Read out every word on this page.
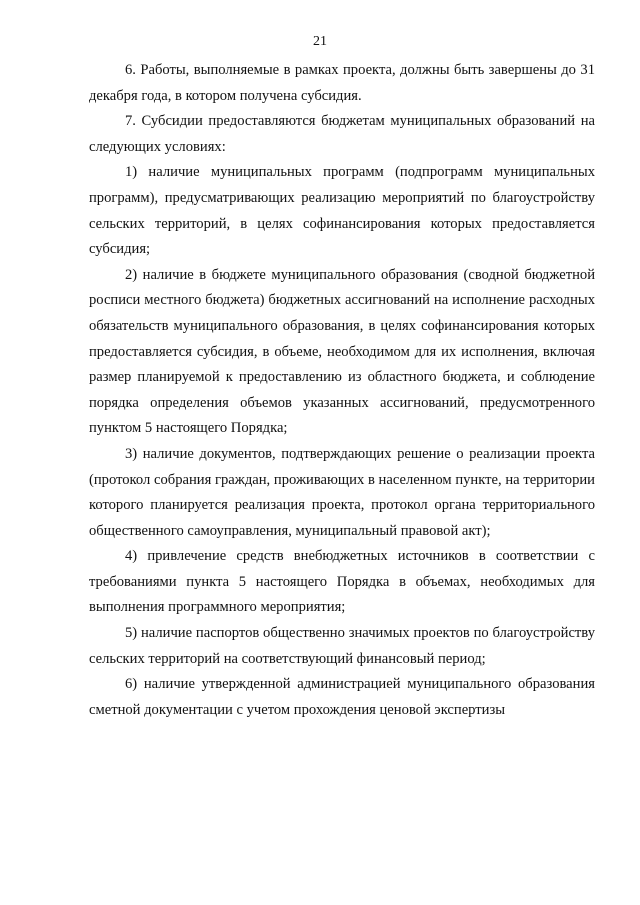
21

6. Работы, выполняемые в рамках проекта, должны быть завершены до 31 декабря года, в котором получена субсидия.

7. Субсидии предоставляются бюджетам муниципальных образований на следующих условиях:

1) наличие муниципальных программ (подпрограмм муниципальных программ), предусматривающих реализацию мероприятий по благоустройству сельских территорий, в целях софинансирования которых предоставляется субсидия;

2) наличие в бюджете муниципального образования (сводной бюджетной росписи местного бюджета) бюджетных ассигнований на исполнение расходных обязательств муниципального образования, в целях софинансирования которых предоставляется субсидия, в объеме, необходимом для их исполнения, включая размер планируемой к предоставлению из областного бюджета, и соблюдение порядка определения объемов указанных ассигнований, предусмотренного пунктом 5 настоящего Порядка;

3) наличие документов, подтверждающих решение о реализации проекта (протокол собрания граждан, проживающих в населенном пункте, на территории которого планируется реализация проекта, протокол органа территориального общественного самоуправления, муниципальный правовой акт);

4) привлечение средств внебюджетных источников в соответствии с требованиями пункта 5 настоящего Порядка в объемах, необходимых для выполнения программного мероприятия;

5) наличие паспортов общественно значимых проектов по благоустройству сельских территорий на соответствующий финансовый период;

6) наличие утвержденной администрацией муниципального образования сметной документации с учетом прохождения ценовой экспертизы
